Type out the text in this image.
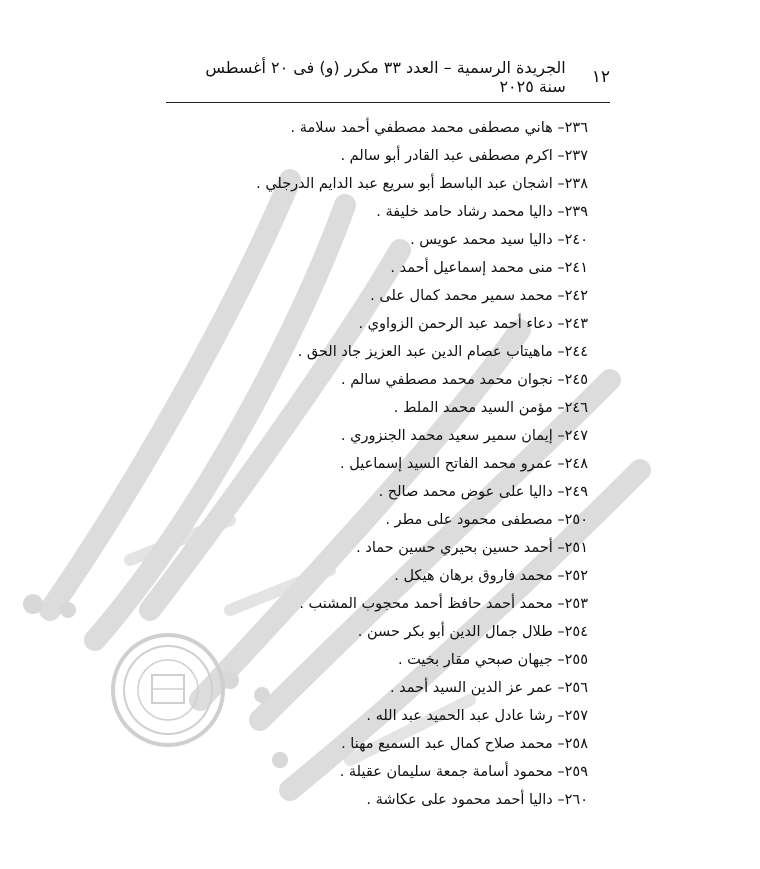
١٢
الجريدة الرسمية – العدد ٣٣ مكرر (و) فى ٢٠ أغسطس سنة ٢٠٢٥
٢٣٦– هاني مصطفى محمد مصطفي أحمد سلامة .
٢٣٧– اكرم مصطفى عبد القادر أبو سالم .
٢٣٨– اشجان عبد الباسط أبو سريع عبد الدايم الدرجلي .
٢٣٩– داليا محمد رشاد حامد خليفة .
٢٤٠– داليا سيد محمد عويس .
٢٤١– منى محمد إسماعيل أحمد .
٢٤٢– محمد سمير محمد كمال على .
٢٤٣– دعاء أحمد عبد الرحمن الزواوي .
٢٤٤– ماهيتاب عصام الدين عبد العزيز جاد الحق .
٢٤٥– نجوان محمد محمد مصطفي سالم .
٢٤٦– مؤمن السيد محمد الملط .
٢٤٧– إيمان سمير سعيد محمد الجنزوري .
٢٤٨– عمرو محمد الفاتح السيد إسماعيل .
٢٤٩– داليا على عوض محمد صالح .
٢٥٠– مصطفى محمود على مطر .
٢٥١– أحمد حسين بحيري حسين حماد .
٢٥٢– محمد فاروق برهان هيكل .
٢٥٣– محمد أحمد حافظ أحمد محجوب المشنب .
٢٥٤– طلال جمال الدين أبو بكر حسن .
٢٥٥– جيهان صبحي مقار بخيت .
٢٥٦– عمر عز الدين السيد أحمد .
٢٥٧– رشا عادل عبد الحميد عبد الله .
٢٥٨– محمد صلاح كمال عبد السميع مهنا .
٢٥٩– محمود أسامة جمعة سليمان عقيلة .
٢٦٠– داليا أحمد محمود على عكاشة .
